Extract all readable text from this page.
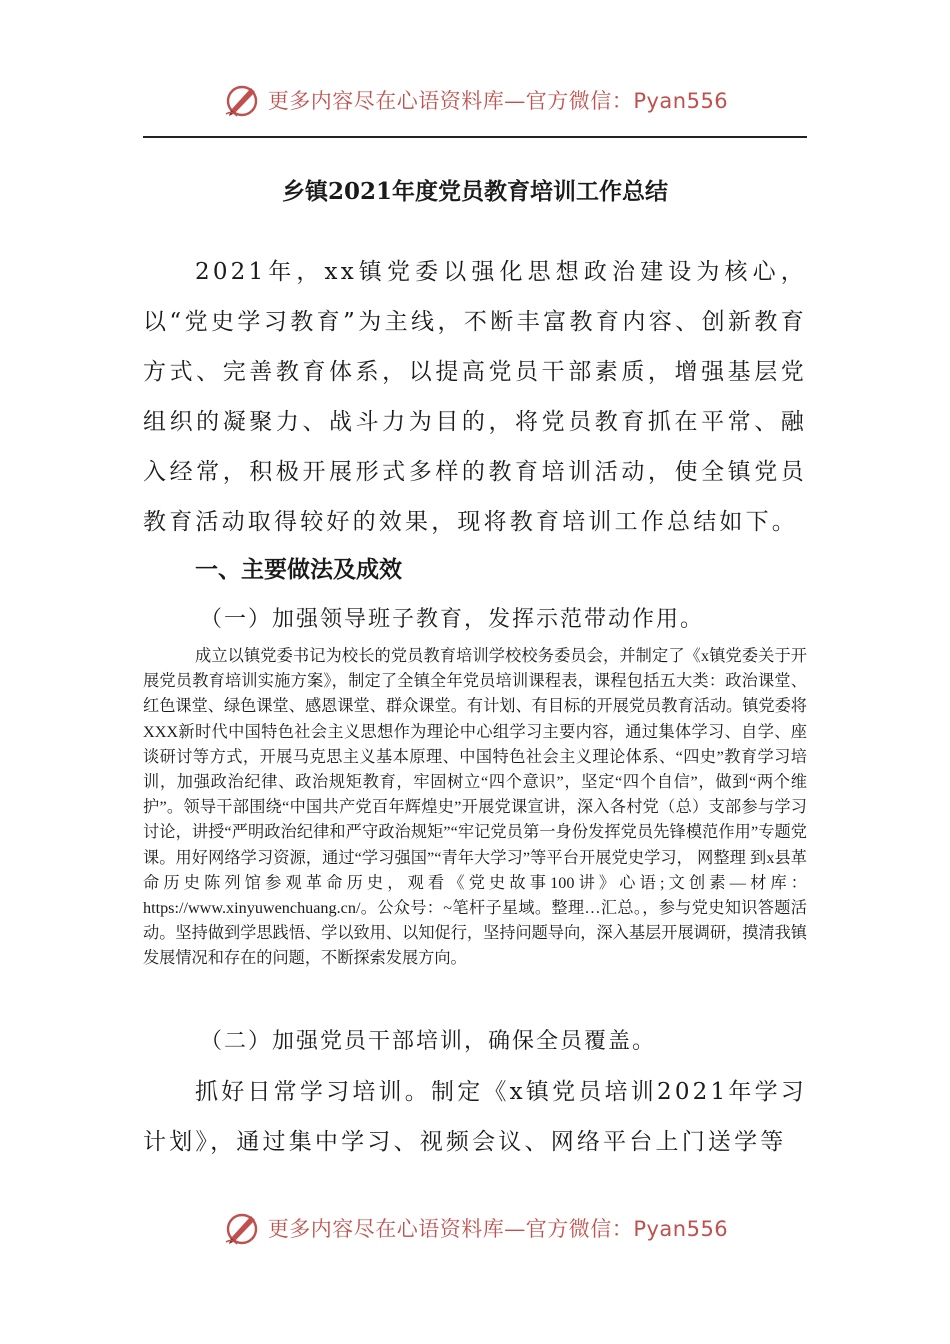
更多内容尽在心语资料库—官方微信：Pyan556
乡镇2021年度党员教育培训工作总结

2021年，xx镇党委以强化思想政治建设为核心，以“党史学习教育”为主线，不断丰富教育内容、创新教育方式、完善教育体系，以提高党员干部素质，增强基层党组织的凝聚力、战斗力为目的，将党员教育抓在平常、融入经常，积极开展形式多样的教育培训活动，使全镇党员教育活动取得较好的效果，现将教育培训工作总结如下。

一、主要做法及成效
（一）加强领导班子教育，发挥示范带动作用。

成立以镇党委书记为校长的党员教育培训学校校务委员会，并制定了《x镇党委关于开展党员教育培训实施方案》，制定了全镇全年党员培训课程表，课程包括五大类：政治课堂、红色课堂、绿色课堂、感恩课堂、群众课堂。有计划、有目标的开展党员教育活动。镇党委将XXX新时代中国特色社会主义思想作为理论中心组学习主要内容，通过集体学习、自学、座谈研讨等方式，开展马克思主义基本原理、中国特色社会主义理论体系、“四史”教育学习培训，加强政治纪律、政治规矩教育，牢固树立“四个意识”，坚定“四个自信”，做到“两个维护”。领导干部围绕“中国共产党百年辉煌史”开展党课宣讲，深入各村党（总）支部参与学习讨论，讲授“严明政治纪律和严守政治规矩”“牢记党员第一身份发挥党员先锋模范作用”专题党课。用好网络学习资源，通过“学习强国”“青年大学习”等平台开展党史学习， 网整理 到x县革命历史陈列馆参观革命历史，观看《党史故事100讲》心语;文创素—材库：https://www.xinyuwenchuang.cn/。公众号：~笔杆子星域。整理…汇总。，参与党史知识答题活动。坚持做到学思践悟、学以致用、以知促行，坚持问题导向，深入基层开展调研，摸清我镇发展情况和存在的问题，不断探索发展方向。

（二）加强党员干部培训，确保全员覆盖。

抓好日常学习培训。制定《x镇党员培训2021年学习计划》，通过集中学习、视频会议、网络平台上门送学等

更多内容尽在心语资料库—官方微信：Pyan556
